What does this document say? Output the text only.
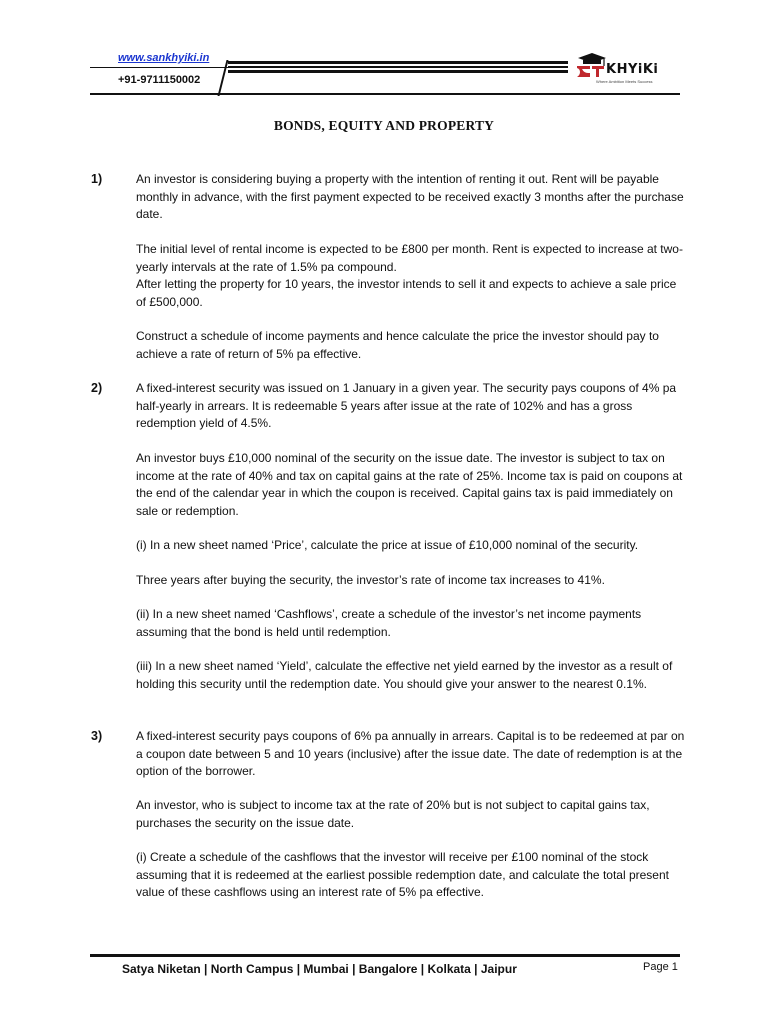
www.sankhyiki.in
+91-9711150002
KHYiKi
Where Ambition Meets Success
BONDS, EQUITY AND PROPERTY
1)	An investor is considering buying a property with the intention of renting it out. Rent will be payable monthly in advance, with the first payment expected to be received exactly 3 months after the purchase date.

The initial level of rental income is expected to be £800 per month. Rent is expected to increase at two-yearly intervals at the rate of 1.5% pa compound.

After letting the property for 10 years, the investor intends to sell it and expects to achieve a sale price of £500,000.

Construct a schedule of income payments and hence calculate the price the investor should pay to achieve a rate of return of 5% pa effective.

2)	A fixed-interest security was issued on 1 January in a given year. The security pays coupons of 4% pa half-yearly in arrears. It is redeemable 5 years after issue at the rate of 102% and has a gross redemption yield of 4.5%.

An investor buys £10,000 nominal of the security on the issue date. The investor is subject to tax on income at the rate of 40% and tax on capital gains at the rate of 25%. Income tax is paid on coupons at the end of the calendar year in which the coupon is received. Capital gains tax is paid immediately on sale or redemption.

(i) In a new sheet named ‘Price’, calculate the price at issue of £10,000 nominal of the security.

Three years after buying the security, the investor’s rate of income tax increases to 41%.

(ii) In a new sheet named ‘Cashflows’, create a schedule of the investor’s net income payments assuming that the bond is held until redemption.

(iii) In a new sheet named ‘Yield’, calculate the effective net yield earned by the investor as a result of holding this security until the redemption date. You should give your answer to the nearest 0.1%.

3)	A fixed-interest security pays coupons of 6% pa annually in arrears. Capital is to be redeemed at par on a coupon date between 5 and 10 years (inclusive) after the issue date. The date of redemption is at the option of the borrower.

An investor, who is subject to income tax at the rate of 20% but is not subject to capital gains tax, purchases the security on the issue date.

(i) Create a schedule of the cashflows that the investor will receive per £100 nominal of the stock assuming that it is redeemed at the earliest possible redemption date, and calculate the total present value of these cashflows using an interest rate of 5% pa effective.

Satya Niketan | North Campus | Mumbai | Bangalore | Kolkata | Jaipur	Page 1
